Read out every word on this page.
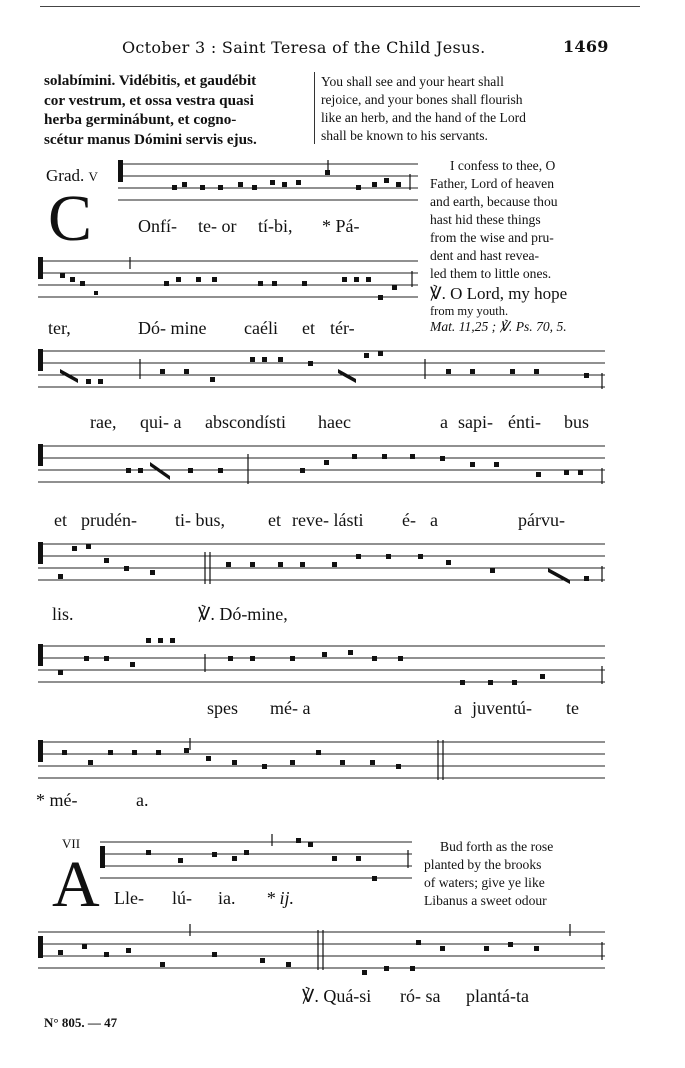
October 3 : Saint Teresa of the Child Jesus.	1469
solabímini. Vidébitis, et gaudébit
cor vestrum, et ossa vestra quasi
herba germinábunt, et cogno-
scétur manus Dómini servis ejus.
You shall see and your heart shall
rejoice, and your bones shall flourish
like an herb, and the hand of the Lord
shall be known to his servants.
Grad. V
C
I confess to thee, O
Father, Lord of heaven
and earth, because thou
hast hid these things
from the wise and pru-
dent and hast revea-
led them to little ones.
℣. O Lord, my hope
from my youth.
Mat. 11,25 ; ℣. Ps. 70, 5.
VII
A
Bud forth as the rose
planted by the brooks
of waters; give ye like
Libanus a sweet odour
Onfí- te- or tí-bi, * Pá-
ter,	Dó- mine caéli et tér-
rae, qui- a abscondísti haec	a sapi- énti- bus
et prudén- ti- bus, et reve- lásti é- a	párvu-
lis.	℣. Dó-mine,
spes mé- a	a juventú- te
* mé-	a.
Lle- lú- ia. * ij.
℣. Quá-si ró- sa plantá-ta
N° 805. — 47
